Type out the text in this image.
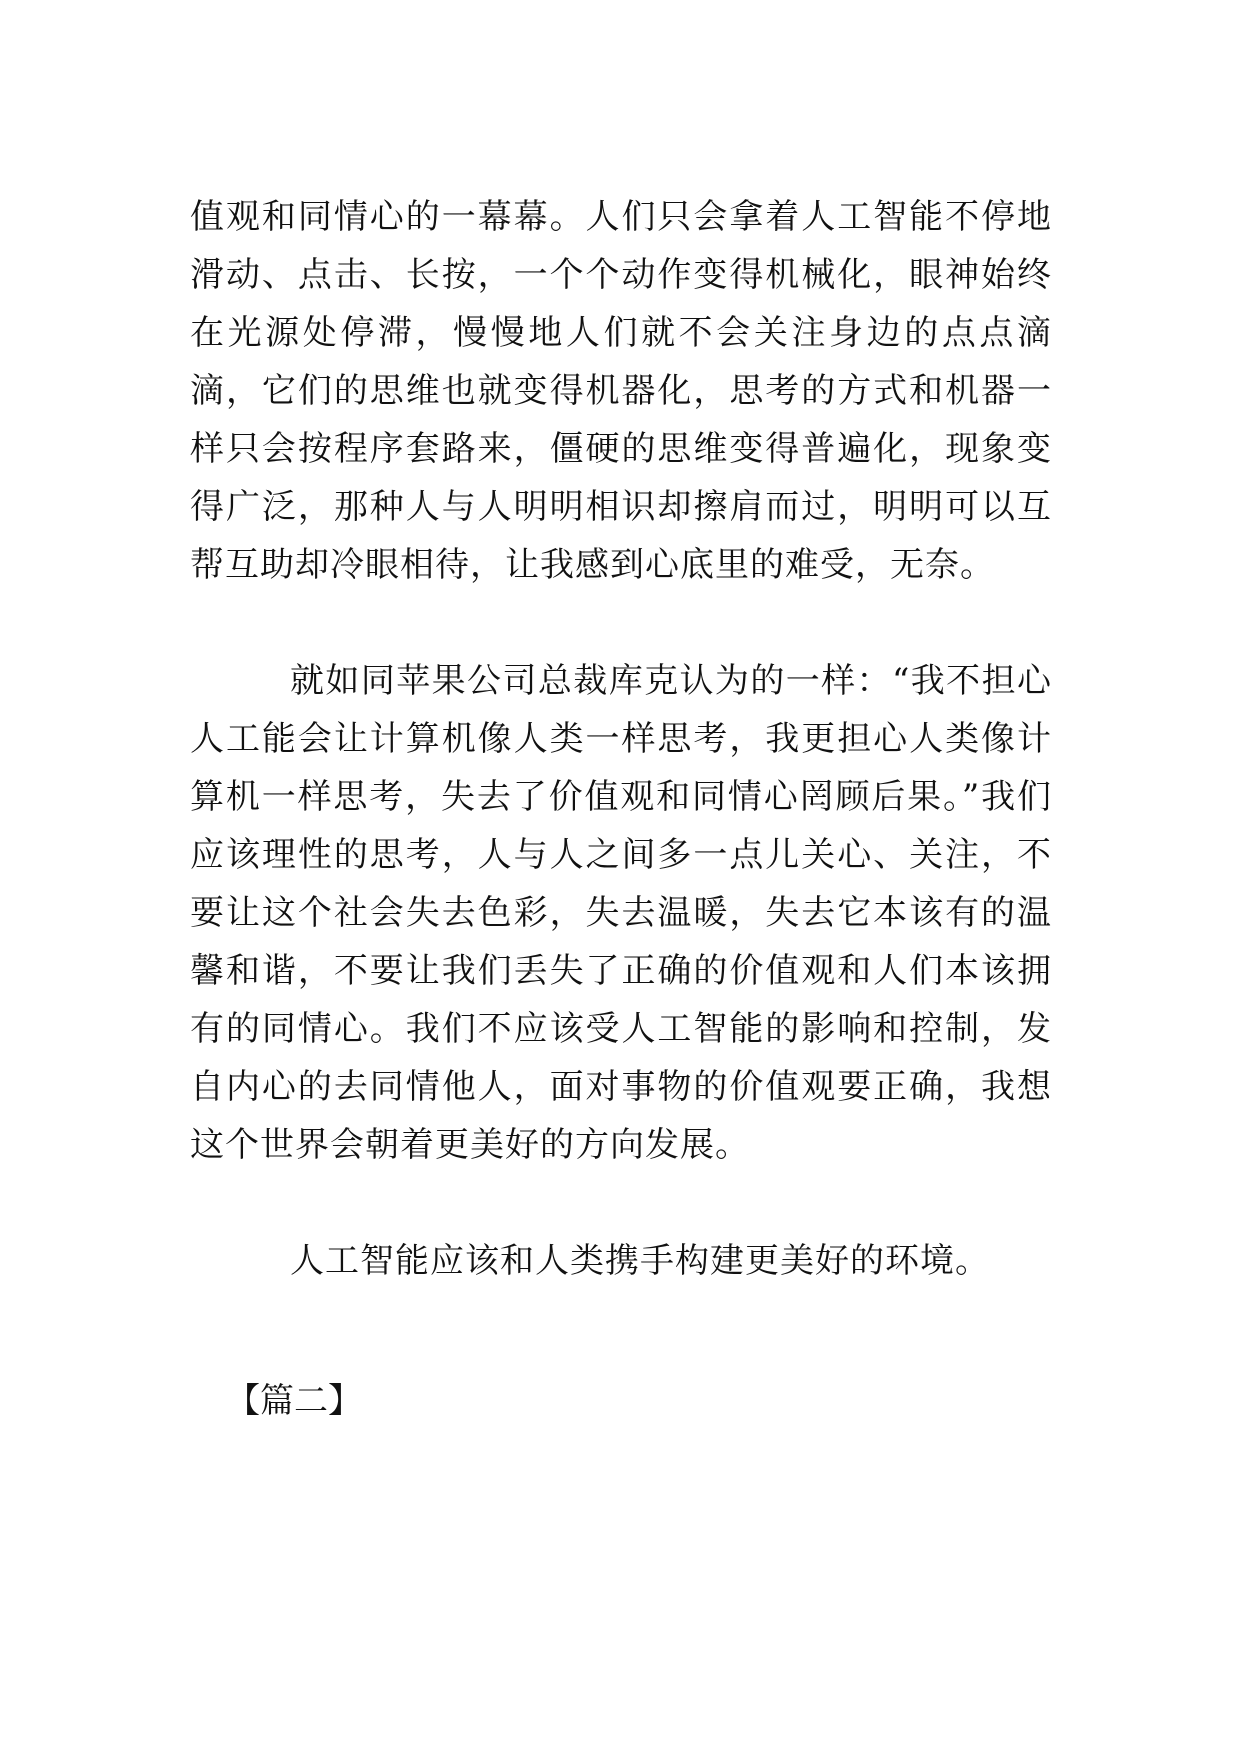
值观和同情心的一幕幕。人们只会拿着人工智能不停地滑动、点击、长按，一个个动作变得机械化，眼神始终在光源处停滞，慢慢地人们就不会关注身边的点点滴滴，它们的思维也就变得机器化，思考的方式和机器一样只会按程序套路来，僵硬的思维变得普遍化，现象变得广泛，那种人与人明明相识却擦肩而过，明明可以互帮互助却冷眼相待，让我感到心底里的难受，无奈。

就如同苹果公司总裁库克认为的一样：“我不担心人工能会让计算机像人类一样思考，我更担心人类像计算机一样思考，失去了价值观和同情心罔顾后果。”我们应该理性的思考，人与人之间多一点儿关心、关注，不要让这个社会失去色彩，失去温暖，失去它本该有的温馨和谐，不要让我们丢失了正确的价值观和人们本该拥有的同情心。我们不应该受人工智能的影响和控制，发自内心的去同情他人，面对事物的价值观要正确，我想这个世界会朝着更美好的方向发展。

人工智能应该和人类携手构建更美好的环境。

【篇二】
